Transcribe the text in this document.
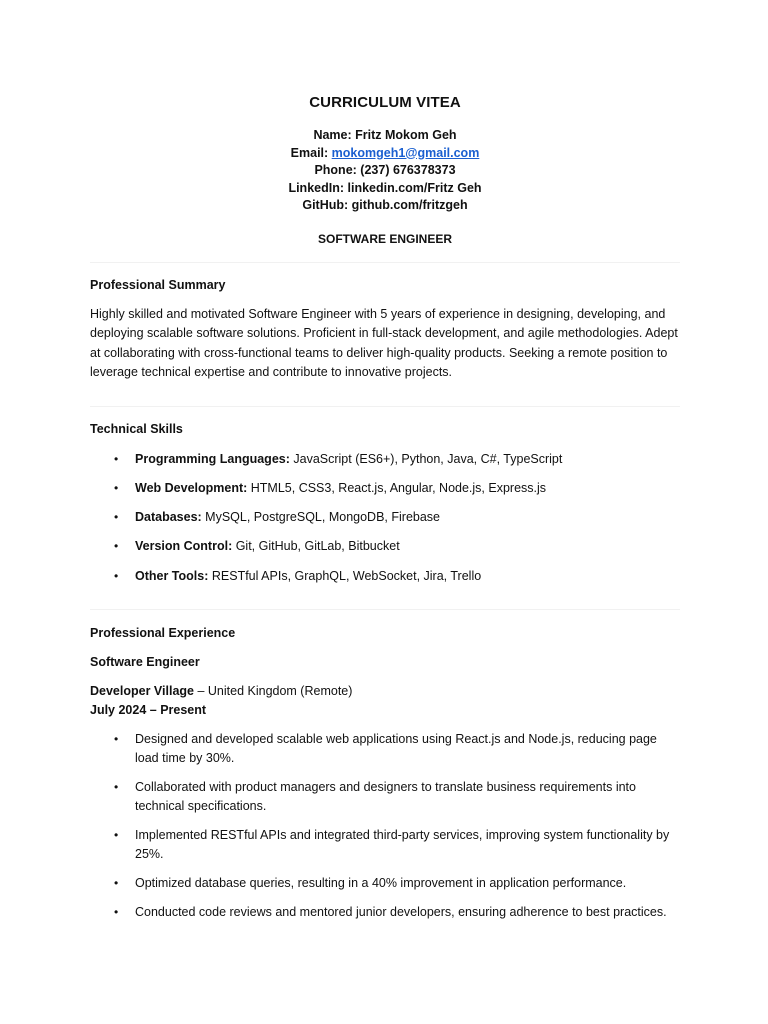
CURRICULUM VITEA
Name: Fritz Mokom Geh
Email: mokomgeh1@gmail.com
Phone: (237) 676378373
LinkedIn: linkedin.com/Fritz Geh
GitHub: github.com/fritzgeh
SOFTWARE ENGINEER
Professional Summary
Highly skilled and motivated Software Engineer with 5 years of experience in designing, developing, and deploying scalable software solutions. Proficient in full-stack development, and agile methodologies. Adept at collaborating with cross-functional teams to deliver high-quality products. Seeking a remote position to leverage technical expertise and contribute to innovative projects.
Technical Skills
• Programming Languages: JavaScript (ES6+), Python, Java, C#, TypeScript
• Web Development: HTML5, CSS3, React.js, Angular, Node.js, Express.js
• Databases: MySQL, PostgreSQL, MongoDB, Firebase
• Version Control: Git, GitHub, GitLab, Bitbucket
• Other Tools: RESTful APIs, GraphQL, WebSocket, Jira, Trello
Professional Experience
Software Engineer
Developer Village – United Kingdom (Remote)
July 2024 – Present
• Designed and developed scalable web applications using React.js and Node.js, reducing page load time by 30%.
• Collaborated with product managers and designers to translate business requirements into technical specifications.
• Implemented RESTful APIs and integrated third-party services, improving system functionality by 25%.
• Optimized database queries, resulting in a 40% improvement in application performance.
• Conducted code reviews and mentored junior developers, ensuring adherence to best practices.
